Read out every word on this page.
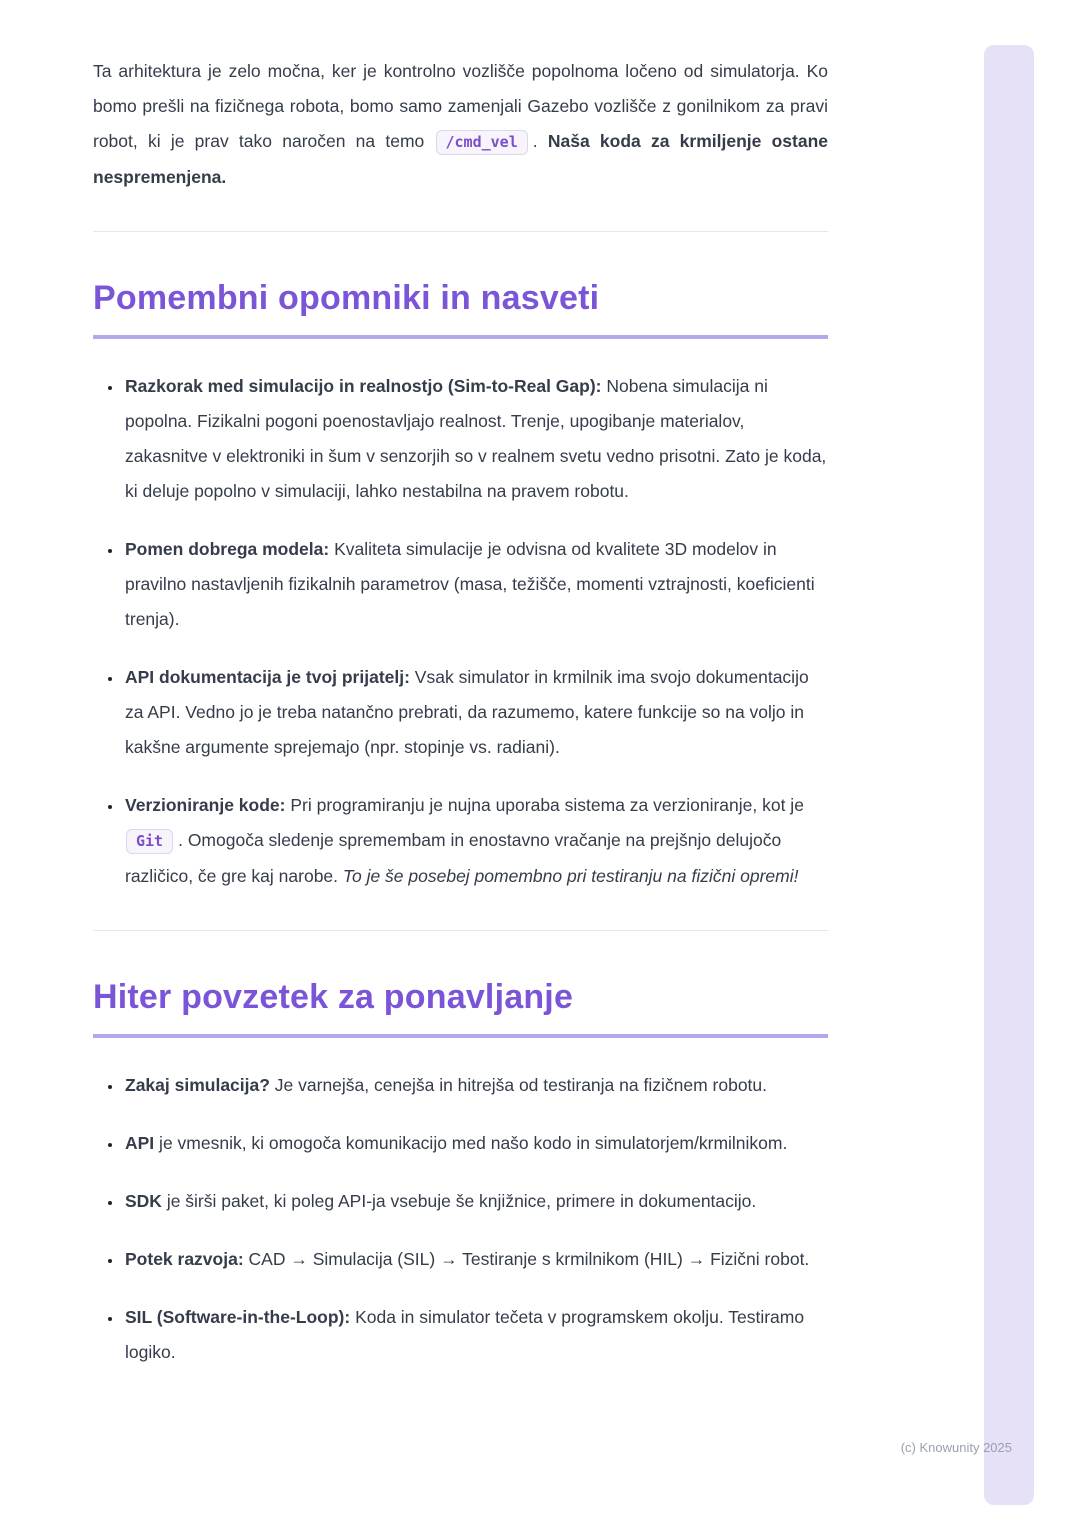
Ta arhitektura je zelo močna, ker je kontrolno vozlišče popolnoma ločeno od simulatorja. Ko bomo prešli na fizičnega robota, bomo samo zamenjali Gazebo vozlišče z gonilnikom za pravi robot, ki je prav tako naročen na temo /cmd_vel . Naša koda za krmiljenje ostane nespremenjena.

Pomembni opomniki in nasveti
• Razkorak med simulacijo in realnostjo (Sim-to-Real Gap): Nobena simulacija ni popolna. Fizikalni pogoni poenostavljajo realnost. Trenje, upogibanje materialov, zakasnitve v elektroniki in šum v senzorjih so v realnem svetu vedno prisotni. Zato je koda, ki deluje popolno v simulaciji, lahko nestabilna na pravem robotu.
• Pomen dobrega modela: Kvaliteta simulacije je odvisna od kvalitete 3D modelov in pravilno nastavljenih fizikalnih parametrov (masa, težišče, momenti vztrajnosti, koeficienti trenja).
• API dokumentacija je tvoj prijatelj: Vsak simulator in krmilnik ima svojo dokumentacijo za API. Vedno jo je treba natančno prebrati, da razumemo, katere funkcije so na voljo in kakšne argumente sprejemajo (npr. stopinje vs. radiani).
• Verzioniranje kode: Pri programiranju je nujna uporaba sistema za verzioniranje, kot je Git . Omogoča sledenje spremembam in enostavno vračanje na prejšnjo delujočo različico, če gre kaj narobe. To je še posebej pomembno pri testiranju na fizični opremi!
Hiter povzetek za ponavljanje
• Zakaj simulacija? Je varnejša, cenejša in hitrejša od testiranja na fizičnem robotu.
• API je vmesnik, ki omogoča komunikacijo med našo kodo in simulatorjem/krmilnikom.
• SDK je širši paket, ki poleg API-ja vsebuje še knjižnice, primere in dokumentacijo.
• Potek razvoja: CAD → Simulacija (SIL) → Testiranje s krmilnikom (HIL) → Fizični robot.
• SIL (Software-in-the-Loop): Koda in simulator tečeta v programskem okolju. Testiramo logiko.
(c) Knowunity 2025
